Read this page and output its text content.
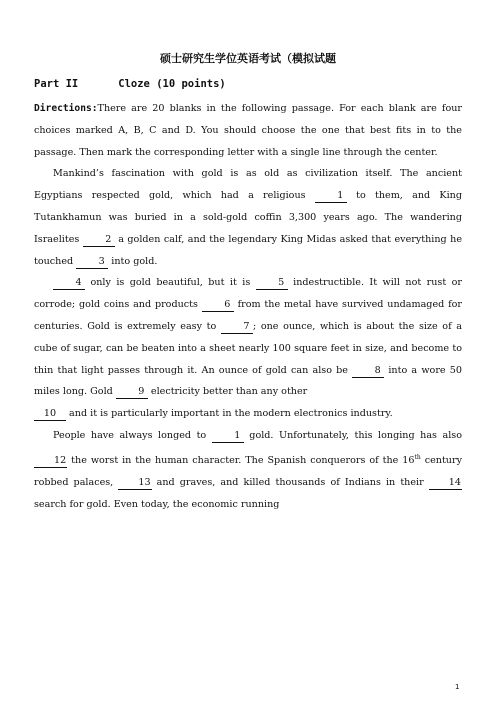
硕士研究生学位英语考试（模拟试题
Part II	Cloze (10 points)

Directions:There are 20 blanks in the following passage. For each blank are four choices marked A, B, C and D. You should choose the one that best fits in to the passage. Then mark the corresponding letter with a single line through the center.

Mankind’s fascination with gold is as old as civilization itself. The ancient Egyptians respected gold, which had a religious 1 to them, and King Tutankhamun was buried in a sold-gold coffin 3,300 years ago. The wandering Israelites 2 a golden calf, and the legendary King Midas asked that everything he touched 3 into gold.

4 only is gold beautiful, but it is 5 indestructible. It will not rust or corrode; gold coins and products 6 from the metal have survived undamaged for centuries. Gold is extremely easy to 7 ; one ounce, which is about the size of a cube of sugar, can be beaten into a sheet nearly 100 square feet in size, and become to thin that light passes through it. An ounce of gold can also be 8 into a wore 50 miles long. Gold 9 electricity better than any other

10 and it is particularly important in the modern electronics industry.

People have always longed to 1 gold. Unfortunately, this longing has also 12 the worst in the human character. The Spanish conquerors of the 16th century robbed palaces, 13 and graves, and killed thousands of Indians in their 14 search for gold. Even today, the economic running

1
